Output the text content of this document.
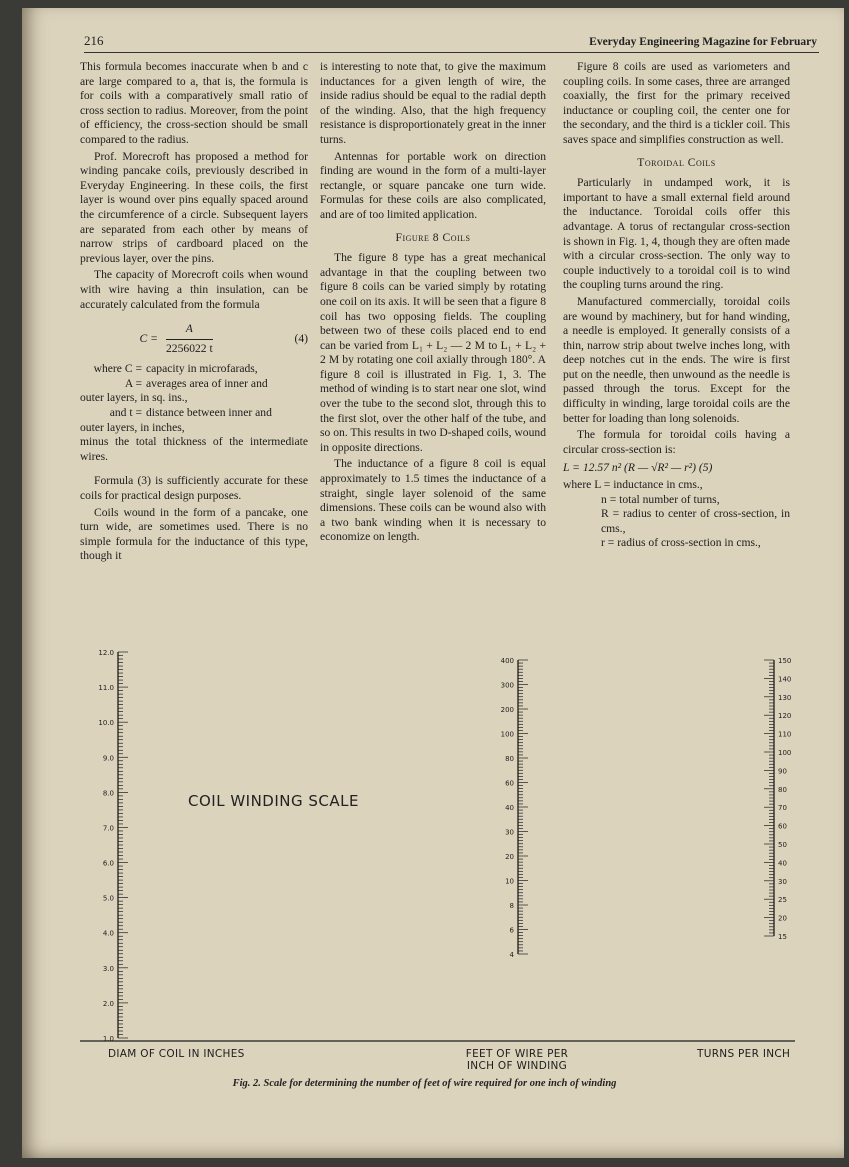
216	Everyday Engineering Magazine for February

This formula becomes inaccurate when b and c are large compared to a, that is, the formula is for coils with a comparatively small ratio of cross section to radius. Moreover, from the point of efficiency, the cross-section should be small compared to the radius.

Prof. Morecroft has proposed a method for winding pancake coils, previously described in Everyday Engineering. In these coils, the first layer is wound over pins equally spaced around the circumference of a circle. Subsequent layers are separated from each other by means of narrow strips of cardboard placed on the previous layer, over the pins.

The capacity of Morecroft coils when wound with wire having a thin insulation, can be accurately calculated from the formula

$C = \frac{A}{2256022 t}$	(4)
where C = capacity in microfarads,
A = averages area of inner and
outer layers, in sq. ins.,
and t = distance between inner and
outer layers, in inches,
minus the total thickness of the intermediate wires.

Formula (3) is sufficiently accurate for these coils for practical design purposes.

Coils wound in the form of a pancake, one turn wide, are sometimes used. There is no simple formula for the inductance of this type, though it

is interesting to note that, to give the maximum inductances for a given length of wire, the inside radius should be equal to the radial depth of the winding. Also, that the high frequency resistance is disproportionately great in the inner turns.

Antennas for portable work on direction finding are wound in the form of a multi-layer rectangle, or square pancake one turn wide. Formulas for these coils are also complicated, and are of too limited application.

Figure 8 Coils

The figure 8 type has a great mechanical advantage in that the coupling between two figure 8 coils can be varied simply by rotating one coil on its axis. It will be seen that a figure 8 coil has two opposing fields. The coupling between two of these coils placed end to end can be varied from L₁ + L₂ — 2 M to L₁ + L₂ + 2 M by rotating one coil axially through 180°. A figure 8 coil is illustrated in Fig. 1, 3. The method of winding is to start near one slot, wind over the tube to the second slot, through this to the first slot, over the other half of the tube, and so on. This results in two D-shaped coils, wound in opposite directions.

The inductance of a figure 8 coil is equal approximately to 1.5 times the inductance of a straight, single layer solenoid of the same dimensions. These coils can be wound also with a two bank winding when it is necessary to economize on length.

Figure 8 coils are used as variometers and coupling coils. In some cases, three are arranged coaxially, the first for the primary received inductance or coupling coil, the center one for the secondary, and the third is a tickler coil. This saves space and simplifies construction as well.

Toroidal Coils

Particularly in undamped work, it is important to have a small external field around the inductance. Toroidal coils offer this advantage. A torus of rectangular cross-section is shown in Fig. 1, 4, though they are often made with a circular cross-section. The only way to couple inductively to a toroidal coil is to wind the coupling turns around the ring.

Manufactured commercially, toroidal coils are wound by machinery, but for hand winding, a needle is employed. It generally consists of a thin, narrow strip about twelve inches long, with deep notches cut in the ends. The wire is first put on the needle, then unwound as the needle is passed through the torus. Except for the difficulty in winding, large toroidal coils are the better for loading than long solenoids.

The formula for toroidal coils having a circular cross-section is:

L = 12.57 n² (R — √R² — r²) (5)
where L = inductance in cms.,
n = total number of turns,
R = radius to center of cross-section, in cms.,
r = radius of cross-section in cms.,
12.0
11.0
10.0
9.0
8.0
7.0
6.0
5.0
4.0
3.0
2.0
1.0
400
300
200
100
80
60
40
30
20
10
8
6
4
150
140
130
120
110
100
90
80
70
60
50
40
30
25
20
15
COIL WINDING SCALE
DIAM OF COIL IN INCHES	FEET OF WIRE PER
INCH OF WINDING
TURNS PER INCH
Fig. 2. Scale for determining the number of feet of wire required for one inch of winding
